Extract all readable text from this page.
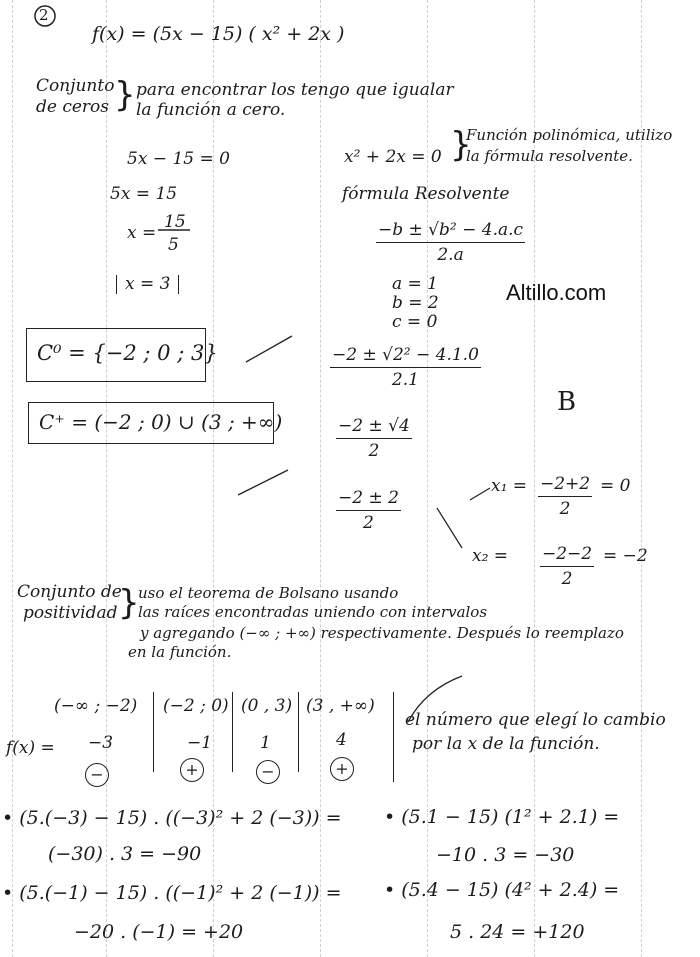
2
f(x) = (5x − 15) ( x² + 2x )
Conjunto
de ceros } para encontrar los tengo que igualar
la función a cero.
5x − 15 = 0
5x = 15
x =
15
5
x = 3
x² + 2x = 0 }
Función polinómica, utilizo
la fórmula resolvente.
fórmula Resolvente
$\frac{\text{−b ± √b² − 4.a.c}}{2.a}$
a = 1
b = 2
c = 0
$\frac{\text{−2 ± √2² − 4.1.0}}{2.1}$
$\frac{-2 \pm √4}{2}$
$\frac{-2 \pm 2}{2}$
$x_1 = \frac{-2+2}{2} = 0$
$x_2 = \frac{-2-2}{2} = -2$
Altillo.com
B
C⁰ = {−2 ; 0 ; 3}
C⁺ = (−2 ; 0) ∪ (3 ; +∞)
Conjunto de
positividad }
uso el teorema de Bolsano usando
las raíces encontradas uniendo con intervalos
y agregando (−∞ ; +∞) respectivamente. Después lo reemplazo
en la función.
(−∞ ; −2) (−2 ; 0) (0 , 3) (3 , +∞)
f(x) = −3	−1	1	4
−	+	−	+
el número que elegí lo cambio
por la x de la función.
• (5.(−3) − 15) . ((−3)² + 2 (−3)) =
(−30) . 3 = −90
• (5.1 − 15) (1² + 2.1) =
−10 . 3 = −30
• (5.(−1) − 15) . ((−1)² + 2 (−1)) =
−20 . (−1) = +20
• (5.4 − 15) (4² + 2.4) =
5 . 24 = +120
